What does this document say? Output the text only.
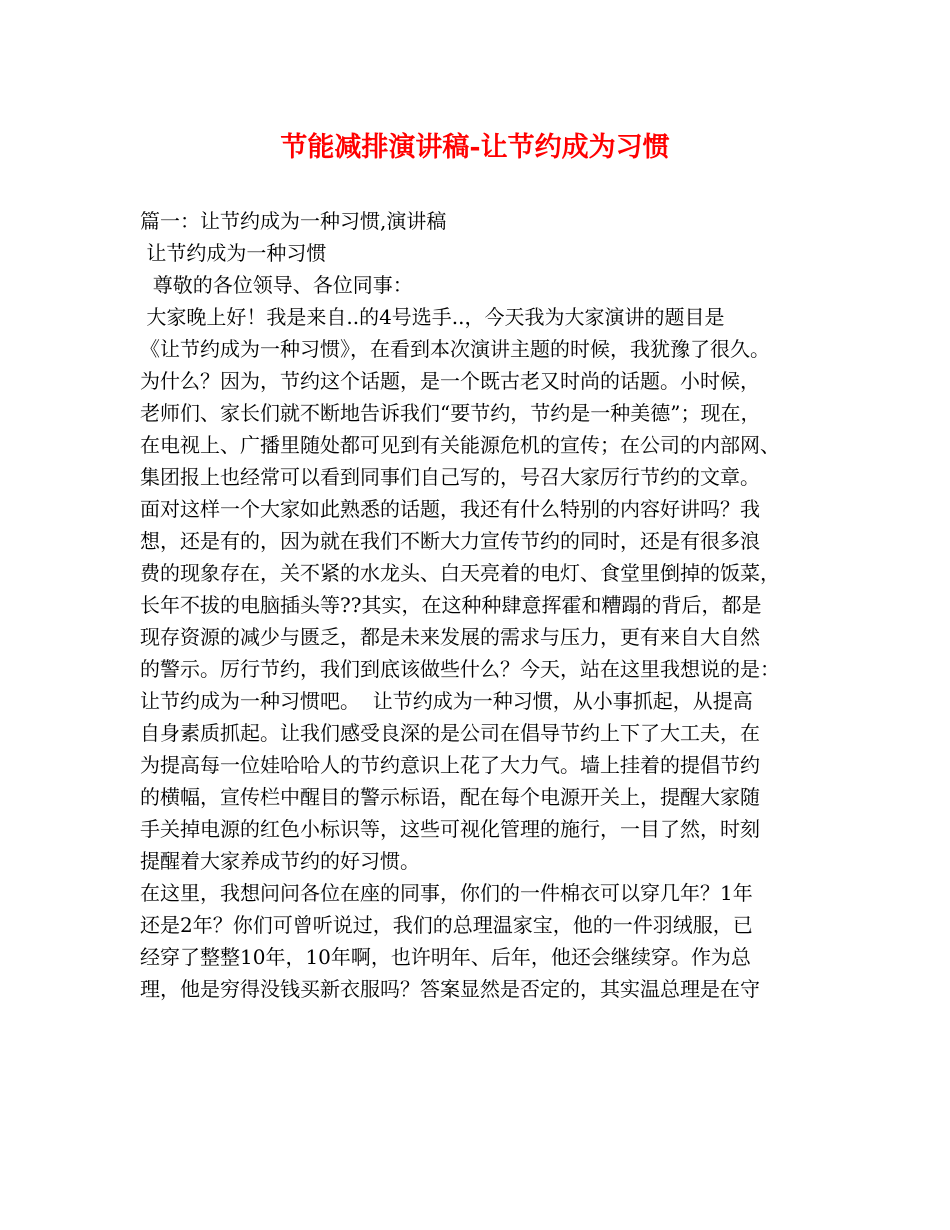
节能减排演讲稿-让节约成为习惯
篇一：让节约成为一种习惯,演讲稿
让节约成为一种习惯
尊敬的各位领导、各位同事：
大家晚上好！我是来自..的4号选手..，今天我为大家演讲的题目是
《让节约成为一种习惯》，在看到本次演讲主题的时候，我犹豫了很久。
为什么？因为，节约这个话题，是一个既古老又时尚的话题。小时候，
老师们、家长们就不断地告诉我们“要节约，节约是一种美德”；现在，
在电视上、广播里随处都可见到有关能源危机的宣传；在公司的内部网、
集团报上也经常可以看到同事们自己写的，号召大家厉行节约的文章。
面对这样一个大家如此熟悉的话题，我还有什么特别的内容好讲吗？我
想，还是有的，因为就在我们不断大力宣传节约的同时，还是有很多浪
费的现象存在，关不紧的水龙头、白天亮着的电灯、食堂里倒掉的饭菜，
长年不拔的电脑插头等??其实，在这种种肆意挥霍和糟蹋的背后，都是
现存资源的减少与匮乏，都是未来发展的需求与压力，更有来自大自然
的警示。厉行节约，我们到底该做些什么？今天，站在这里我想说的是：
让节约成为一种习惯吧。  让节约成为一种习惯，从小事抓起，从提高
自身素质抓起。让我们感受良深的是公司在倡导节约上下了大工夫，在
为提高每一位娃哈哈人的节约意识上花了大力气。墙上挂着的提倡节约
的横幅，宣传栏中醒目的警示标语，配在每个电源开关上，提醒大家随
手关掉电源的红色小标识等，这些可视化管理的施行，一目了然，时刻
提醒着大家养成节约的好习惯。
在这里，我想问问各位在座的同事，你们的一件棉衣可以穿几年？1年
还是2年？你们可曾听说过，我们的总理温家宝，他的一件羽绒服，已
经穿了整整10年，10年啊，也许明年、后年，他还会继续穿。作为总
理，他是穷得没钱买新衣服吗？答案显然是否定的，其实温总理是在守
